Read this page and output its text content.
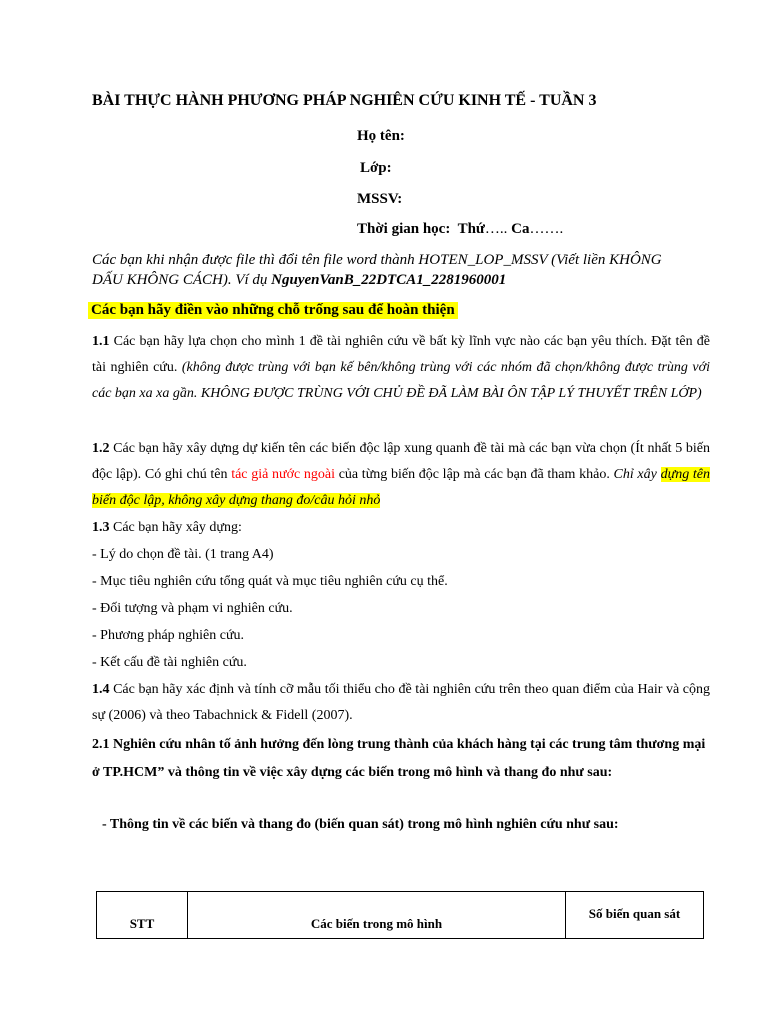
BÀI THỰC HÀNH PHƯƠNG PHÁP NGHIÊN CỨU KINH TẾ - TUẦN 3
Họ tên:
Lớp:
MSSV:
Thời gian học: Thứ….. Ca…….
Các bạn khi nhận được file thì đổi tên file word thành HOTEN_LOP_MSSV (Viết liền KHÔNG DẤU KHÔNG CÁCH). Ví dụ NguyenVanB_22DTCA1_2281960001
Các bạn hãy điền vào những chỗ trống sau để hoàn thiện
1.1 Các bạn hãy lựa chọn cho mình 1 đề tài nghiên cứu về bất kỳ lĩnh vực nào các bạn yêu thích. Đặt tên đề tài nghiên cứu. (không được trùng với bạn kế bên/không trùng với các nhóm đã chọn/không được trùng với các bạn xa xa gần. KHÔNG ĐƯỢC TRÙNG VỚI CHỦ ĐỀ ĐÃ LÀM BÀI ÔN TẬP LÝ THUYẾT TRÊN LỚP)
1.2 Các bạn hãy xây dựng dự kiến tên các biến độc lập xung quanh đề tài mà các bạn vừa chọn (Ít nhất 5 biến độc lập). Có ghi chú tên tác giả nước ngoài của từng biến độc lập mà các bạn đã tham khảo. Chỉ xây dựng tên biến độc lập, không xây dựng thang đo/câu hỏi nhỏ
1.3 Các bạn hãy xây dựng:
- Lý do chọn đề tài. (1 trang A4)
- Mục tiêu nghiên cứu tổng quát và mục tiêu nghiên cứu cụ thể.
- Đối tượng và phạm vi nghiên cứu.
- Phương pháp nghiên cứu.
- Kết cấu đề tài nghiên cứu.
1.4 Các bạn hãy xác định và tính cỡ mẫu tối thiểu cho đề tài nghiên cứu trên theo quan điểm của Hair và cộng sự (2006) và theo Tabachnick & Fidell (2007).
2.1 Nghiên cứu nhân tố ảnh hưởng đến lòng trung thành của khách hàng tại các trung tâm thương mại ở TP.HCM” và thông tin về việc xây dựng các biến trong mô hình và thang đo như sau:
- Thông tin về các biến và thang đo (biến quan sát) trong mô hình nghiên cứu như sau:
STT	Các biến trong mô hình	Số biến quan sát
